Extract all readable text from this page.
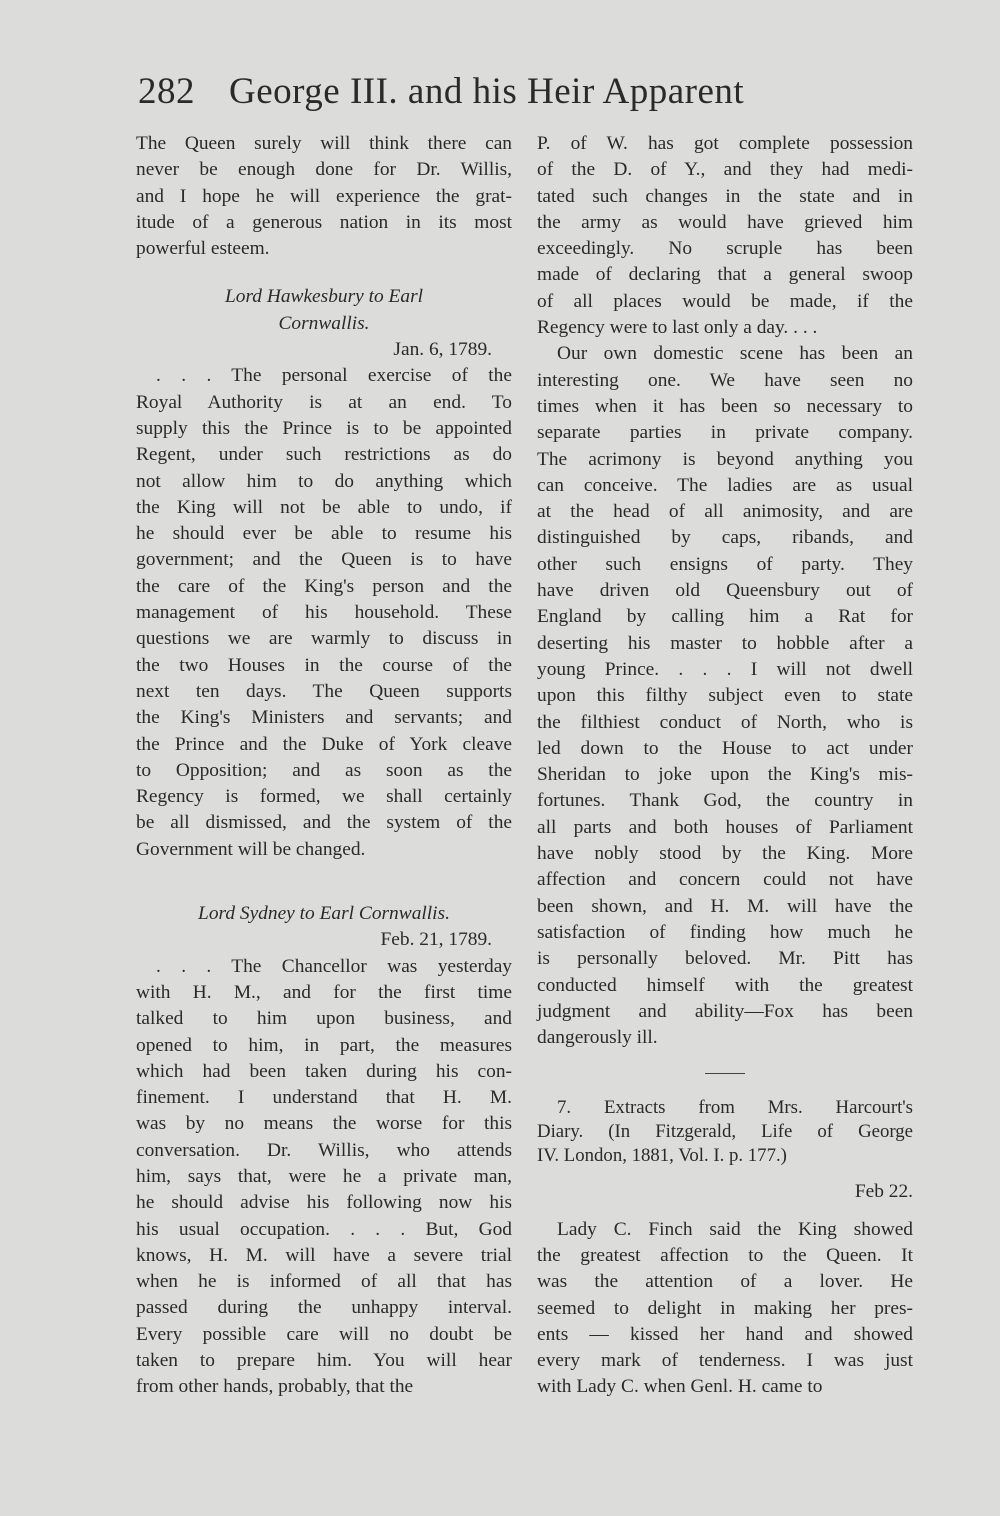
282 George III. and his Heir Apparent

The Queen surely will think there can

never be enough done for Dr. Willis,

and I hope he will experience the grat-

itude of a generous nation in its most

powerful esteem.

Lord Hawkesbury to Earl

Cornwallis.

Jan. 6, 1789.

. . . The personal exercise of the

Royal Authority is at an end. To

supply this the Prince is to be appointed

Regent, under such restrictions as do

not allow him to do anything which

the King will not be able to undo, if

he should ever be able to resume his

government; and the Queen is to have

the care of the King's person and the

management of his household. These

questions we are warmly to discuss in

the two Houses in the course of the

next ten days. The Queen supports

the King's Ministers and servants; and

the Prince and the Duke of York cleave

to Opposition; and as soon as the

Regency is formed, we shall certainly

be all dismissed, and the system of the

Government will be changed.

Lord Sydney to Earl Cornwallis.

Feb. 21, 1789.

. . . The Chancellor was yesterday

with H. M., and for the first time

talked to him upon business, and

opened to him, in part, the measures

which had been taken during his con-

finement. I understand that H. M.

was by no means the worse for this

conversation. Dr. Willis, who attends

him, says that, were he a private man,

he should advise his following now his

his usual occupation. . . . But, God

knows, H. M. will have a severe trial

when he is informed of all that has

passed during the unhappy interval.

Every possible care will no doubt be

taken to prepare him. You will hear

from other hands, probably, that the

P. of W. has got complete possession

of the D. of Y., and they had medi-

tated such changes in the state and in

the army as would have grieved him

exceedingly. No scruple has been

made of declaring that a general swoop

of all places would be made, if the

Regency were to last only a day. . . .

Our own domestic scene has been an

interesting one. We have seen no

times when it has been so necessary to

separate parties in private company.

The acrimony is beyond anything you

can conceive. The ladies are as usual

at the head of all animosity, and are

distinguished by caps, ribands, and

other such ensigns of party. They

have driven old Queensbury out of

England by calling him a Rat for

deserting his master to hobble after a

young Prince. . . . I will not dwell

upon this filthy subject even to state

the filthiest conduct of North, who is

led down to the House to act under

Sheridan to joke upon the King's mis-

fortunes. Thank God, the country in

all parts and both houses of Parliament

have nobly stood by the King. More

affection and concern could not have

been shown, and H. M. will have the

satisfaction of finding how much he

is personally beloved. Mr. Pitt has

conducted himself with the greatest

judgment and ability—Fox has been

dangerously ill.

7. Extracts from Mrs. Harcourt's

Diary. (In Fitzgerald, Life of George

IV. London, 1881, Vol. I. p. 177.)

Feb 22.

Lady C. Finch said the King showed

the greatest affection to the Queen. It

was the attention of a lover. He

seemed to delight in making her pres-

ents — kissed her hand and showed

every mark of tenderness. I was just

with Lady C. when Genl. H. came to
